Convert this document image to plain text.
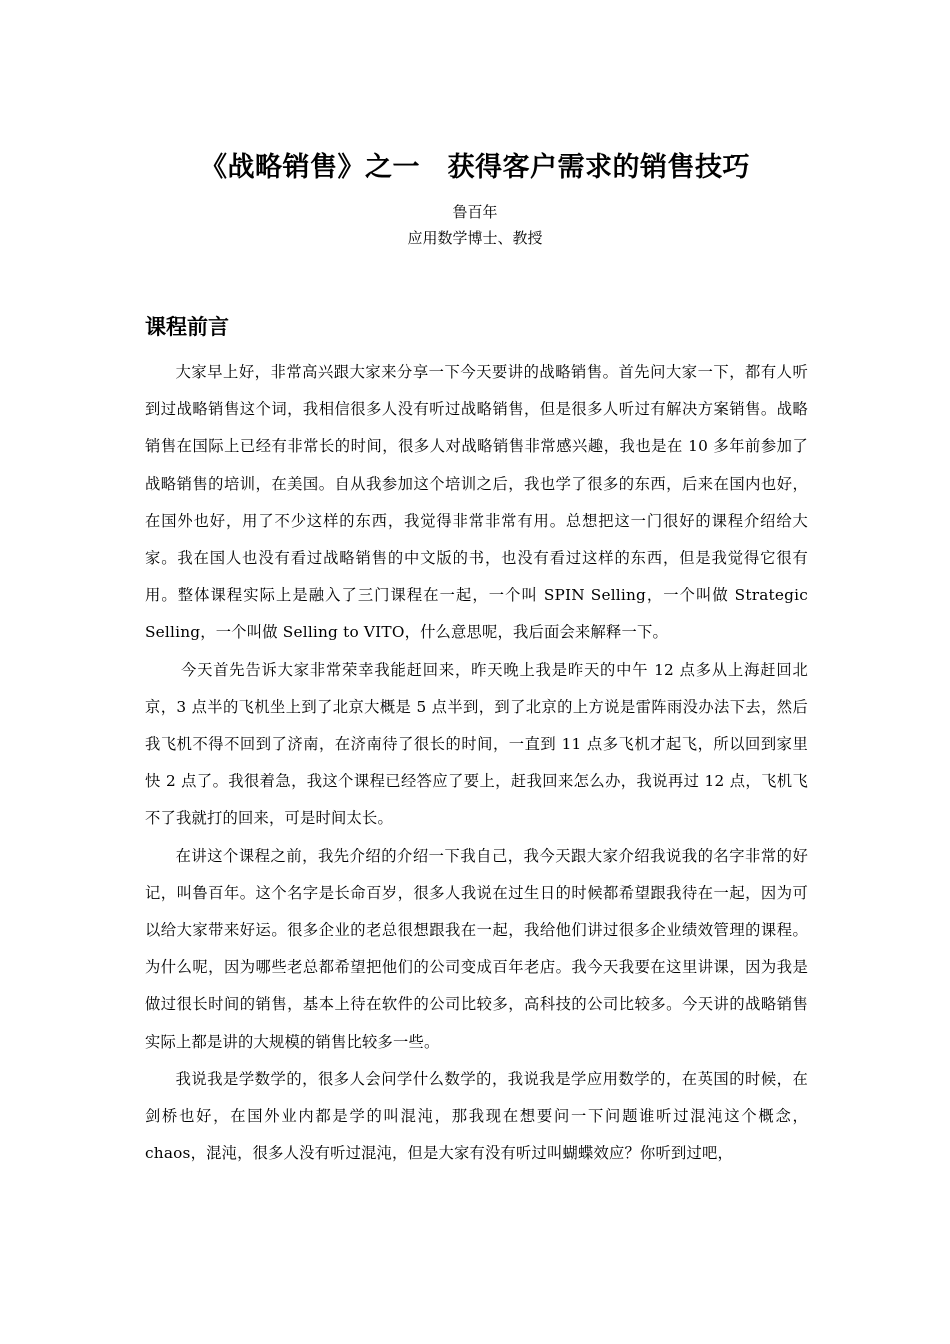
《战略销售》之一　获得客户需求的销售技巧
鲁百年
应用数学博士、教授
课程前言

大家早上好，非常高兴跟大家来分享一下今天要讲的战略销售。首先问大家一下，都有人听到过战略销售这个词，我相信很多人没有听过战略销售，但是很多人听过有解决方案销售。战略销售在国际上已经有非常长的时间，很多人对战略销售非常感兴趣，我也是在 10 多年前参加了战略销售的培训，在美国。自从我参加这个培训之后，我也学了很多的东西，后来在国内也好，在国外也好，用了不少这样的东西，我觉得非常非常有用。总想把这一门很好的课程介绍给大家。我在国人也没有看过战略销售的中文版的书，也没有看过这样的东西，但是我觉得它很有用。整体课程实际上是融入了三门课程在一起，一个叫 SPIN Selling，一个叫做 Strategic Selling，一个叫做 Selling to VITO，什么意思呢，我后面会来解释一下。

今天首先告诉大家非常荣幸我能赶回来，昨天晚上我是昨天的中午 12 点多从上海赶回北京，3 点半的飞机坐上到了北京大概是 5 点半到，到了北京的上方说是雷阵雨没办法下去，然后我飞机不得不回到了济南，在济南待了很长的时间，一直到 11 点多飞机才起飞，所以回到家里快 2 点了。我很着急，我这个课程已经答应了要上，赶我回来怎么办，我说再过 12 点，飞机飞不了我就打的回来，可是时间太长。

在讲这个课程之前，我先介绍的介绍一下我自己，我今天跟大家介绍我说我的名字非常的好记，叫鲁百年。这个名字是长命百岁，很多人我说在过生日的时候都希望跟我待在一起，因为可以给大家带来好运。很多企业的老总很想跟我在一起，我给他们讲过很多企业绩效管理的课程。为什么呢，因为哪些老总都希望把他们的公司变成百年老店。我今天我要在这里讲课，因为我是做过很长时间的销售，基本上待在软件的公司比较多，高科技的公司比较多。今天讲的战略销售实际上都是讲的大规模的销售比较多一些。

我说我是学数学的，很多人会问学什么数学的，我说我是学应用数学的，在英国的时候，在剑桥也好，在国外业内都是学的叫混沌，那我现在想要问一下问题谁听过混沌这个概念，chaos，混沌，很多人没有听过混沌，但是大家有没有听过叫蝴蝶效应？你听到过吧，
